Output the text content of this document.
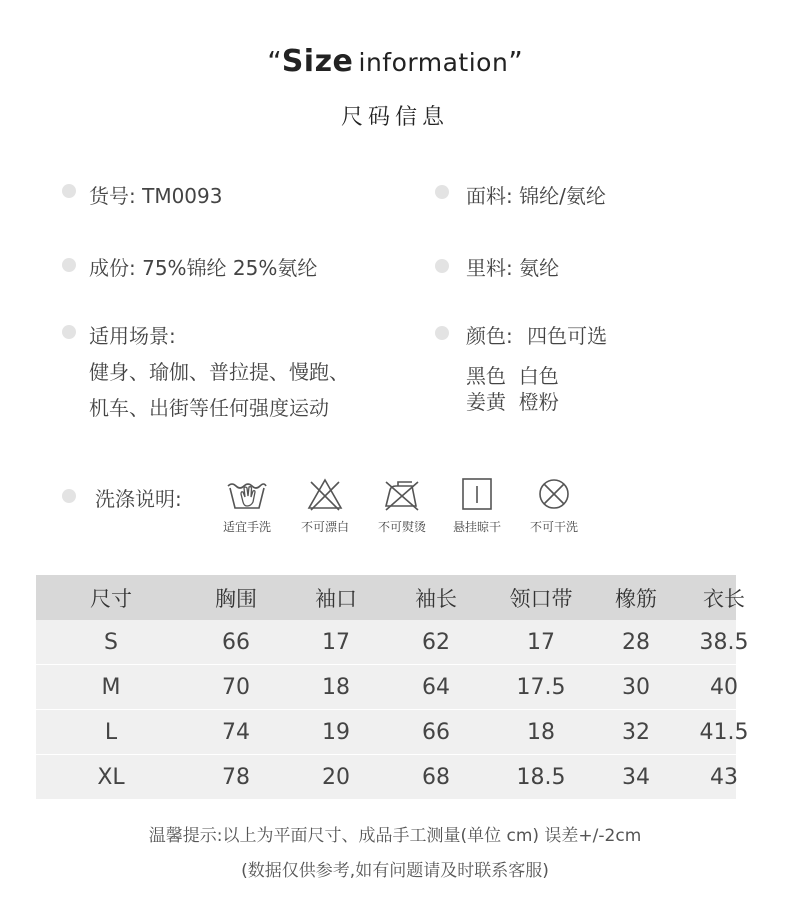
“Size information”
尺码信息
货号: TM0093
成份: 75%锦纶 25%氨纶
适用场景:
健身、瑜伽、普拉提、慢跑、
机车、出街等任何强度运动
面料: 锦纶/氨纶
里料: 氨纶
颜色: 四色可选
黑色  白色
姜黄  橙粉
洗涤说明:
适宜手洗	不可漂白	不可熨烫	悬挂晾干	不可干洗
尺寸	胸围	袖口	袖长	领口带	橡筋	衣长
S	66	17	62	17	28	38.5
M	70	18	64	17.5	30	40
L	74	19	66	18	32	41.5
XL	78	20	68	18.5	34	43
温馨提示:以上为平面尺寸、成品手工测量(单位 cm) 误差+/-2cm
(数据仅供参考,如有问题请及时联系客服)
